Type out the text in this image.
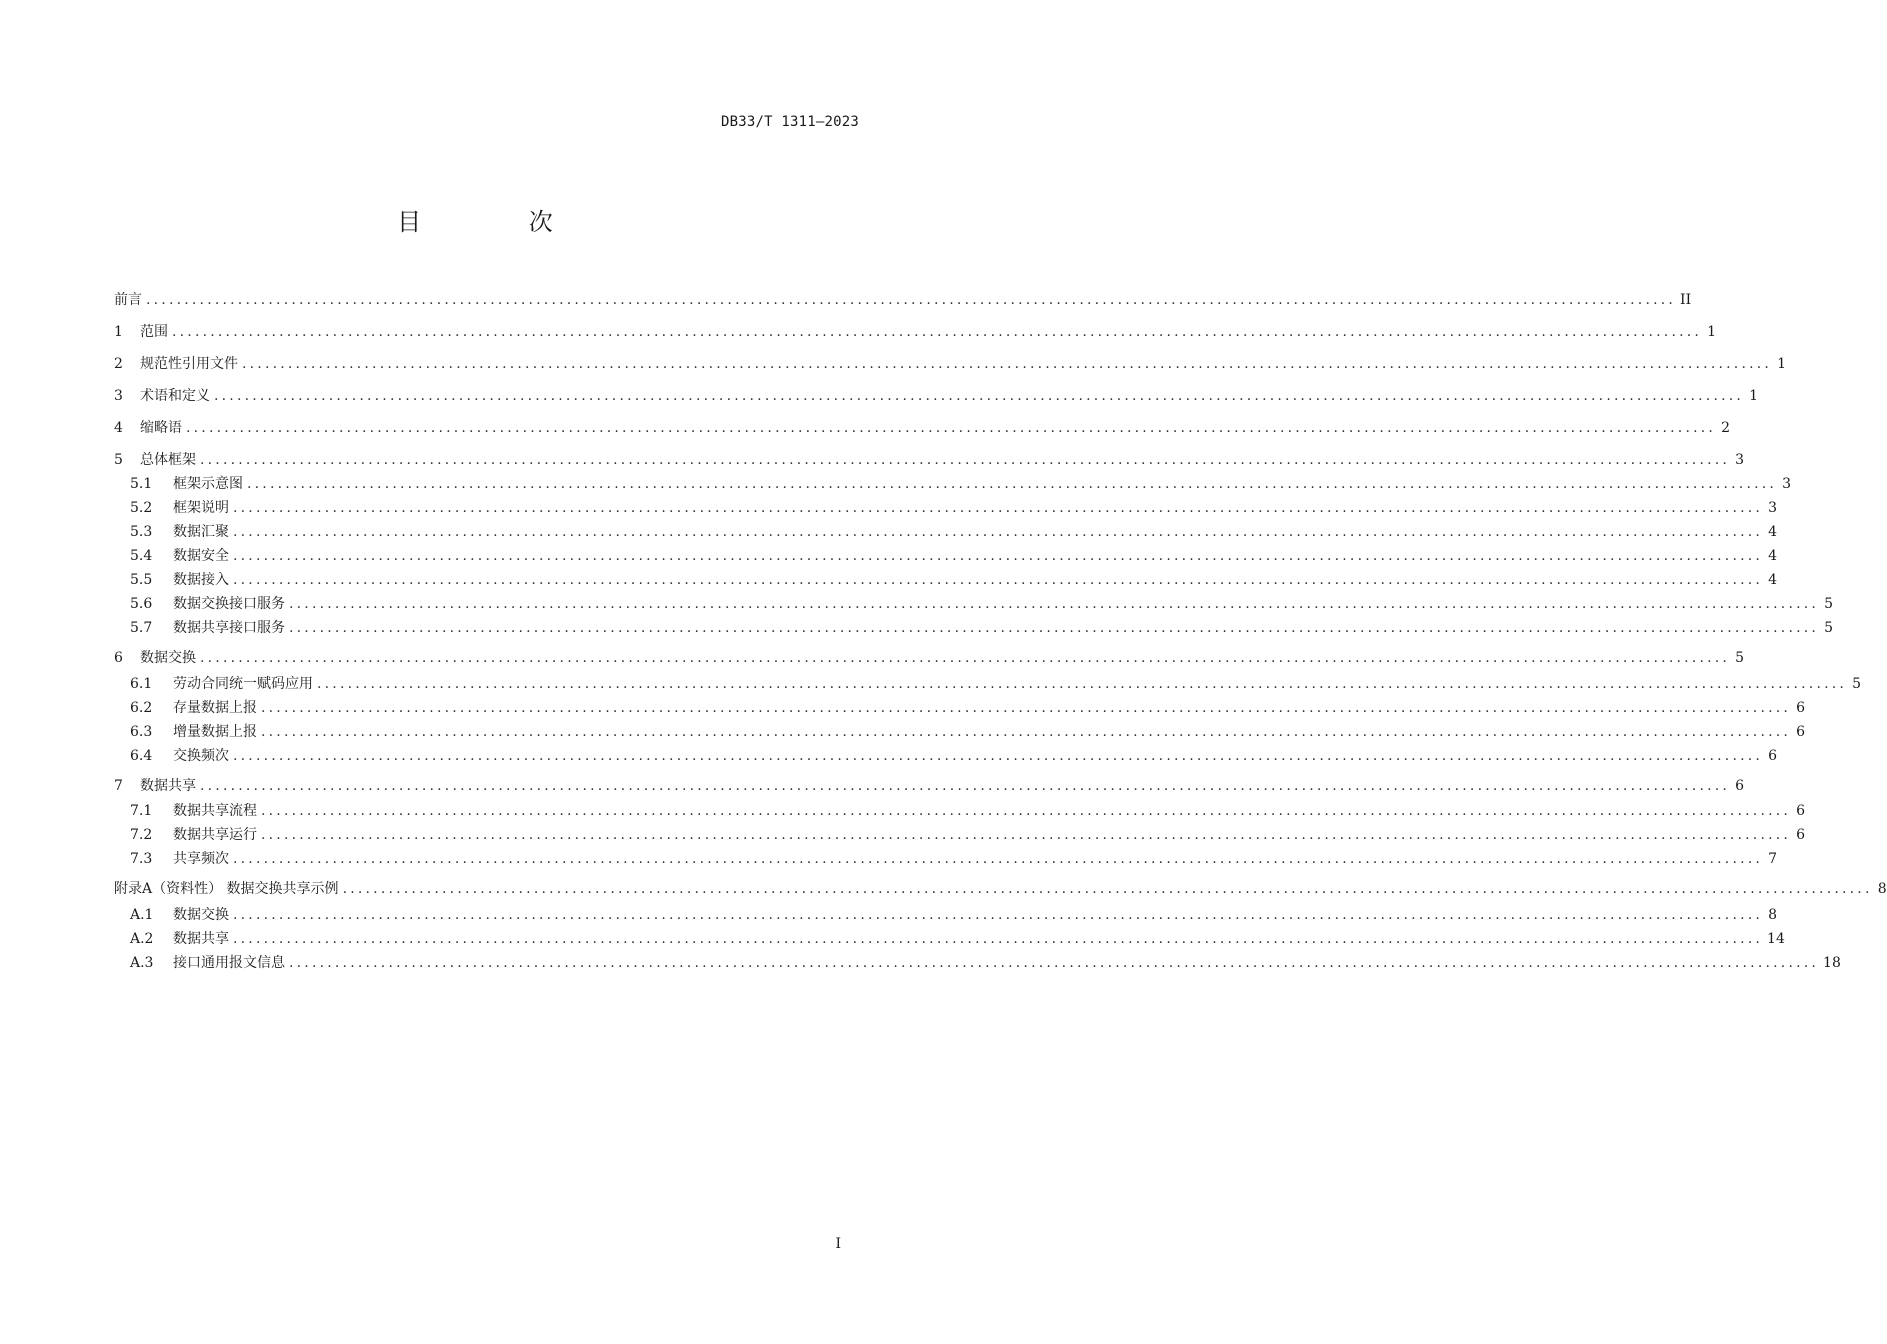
DB33/T 1311—2023
目 次
前言 ........................................................................................................................................................................................................ II
1	范围 ........................................................................................................................................................................................................ 1
2	规范性引用文件 ........................................................................................................................................................................................................ 1
3	术语和定义 ........................................................................................................................................................................................................ 1
4	缩略语 ........................................................................................................................................................................................................ 2
5	总体框架 ........................................................................................................................................................................................................ 3
5.1	框架示意图 ........................................................................................................................................................................................................ 3
5.2	框架说明 ........................................................................................................................................................................................................ 3
5.3	数据汇聚 ........................................................................................................................................................................................................ 4
5.4	数据安全 ........................................................................................................................................................................................................ 4
5.5	数据接入 ........................................................................................................................................................................................................ 4
5.6	数据交换接口服务 ........................................................................................................................................................................................................ 5
5.7	数据共享接口服务 ........................................................................................................................................................................................................ 5
6	数据交换 ........................................................................................................................................................................................................ 5
6.1	劳动合同统一赋码应用 ........................................................................................................................................................................................................ 5
6.2	存量数据上报 ........................................................................................................................................................................................................ 6
6.3	增量数据上报 ........................................................................................................................................................................................................ 6
6.4	交换频次 ........................................................................................................................................................................................................ 6
7	数据共享 ........................................................................................................................................................................................................ 6
7.1	数据共享流程 ........................................................................................................................................................................................................ 6
7.2	数据共享运行 ........................................................................................................................................................................................................ 6
7.3	共享频次 ........................................................................................................................................................................................................ 7
附录A（资料性） 数据交换共享示例 ........................................................................................................................................................................................................ 8
A.1	数据交换 ........................................................................................................................................................................................................ 8
A.2	数据共享 ........................................................................................................................................................................................................ 14
A.3	接口通用报文信息 ........................................................................................................................................................................................................ 18
I
